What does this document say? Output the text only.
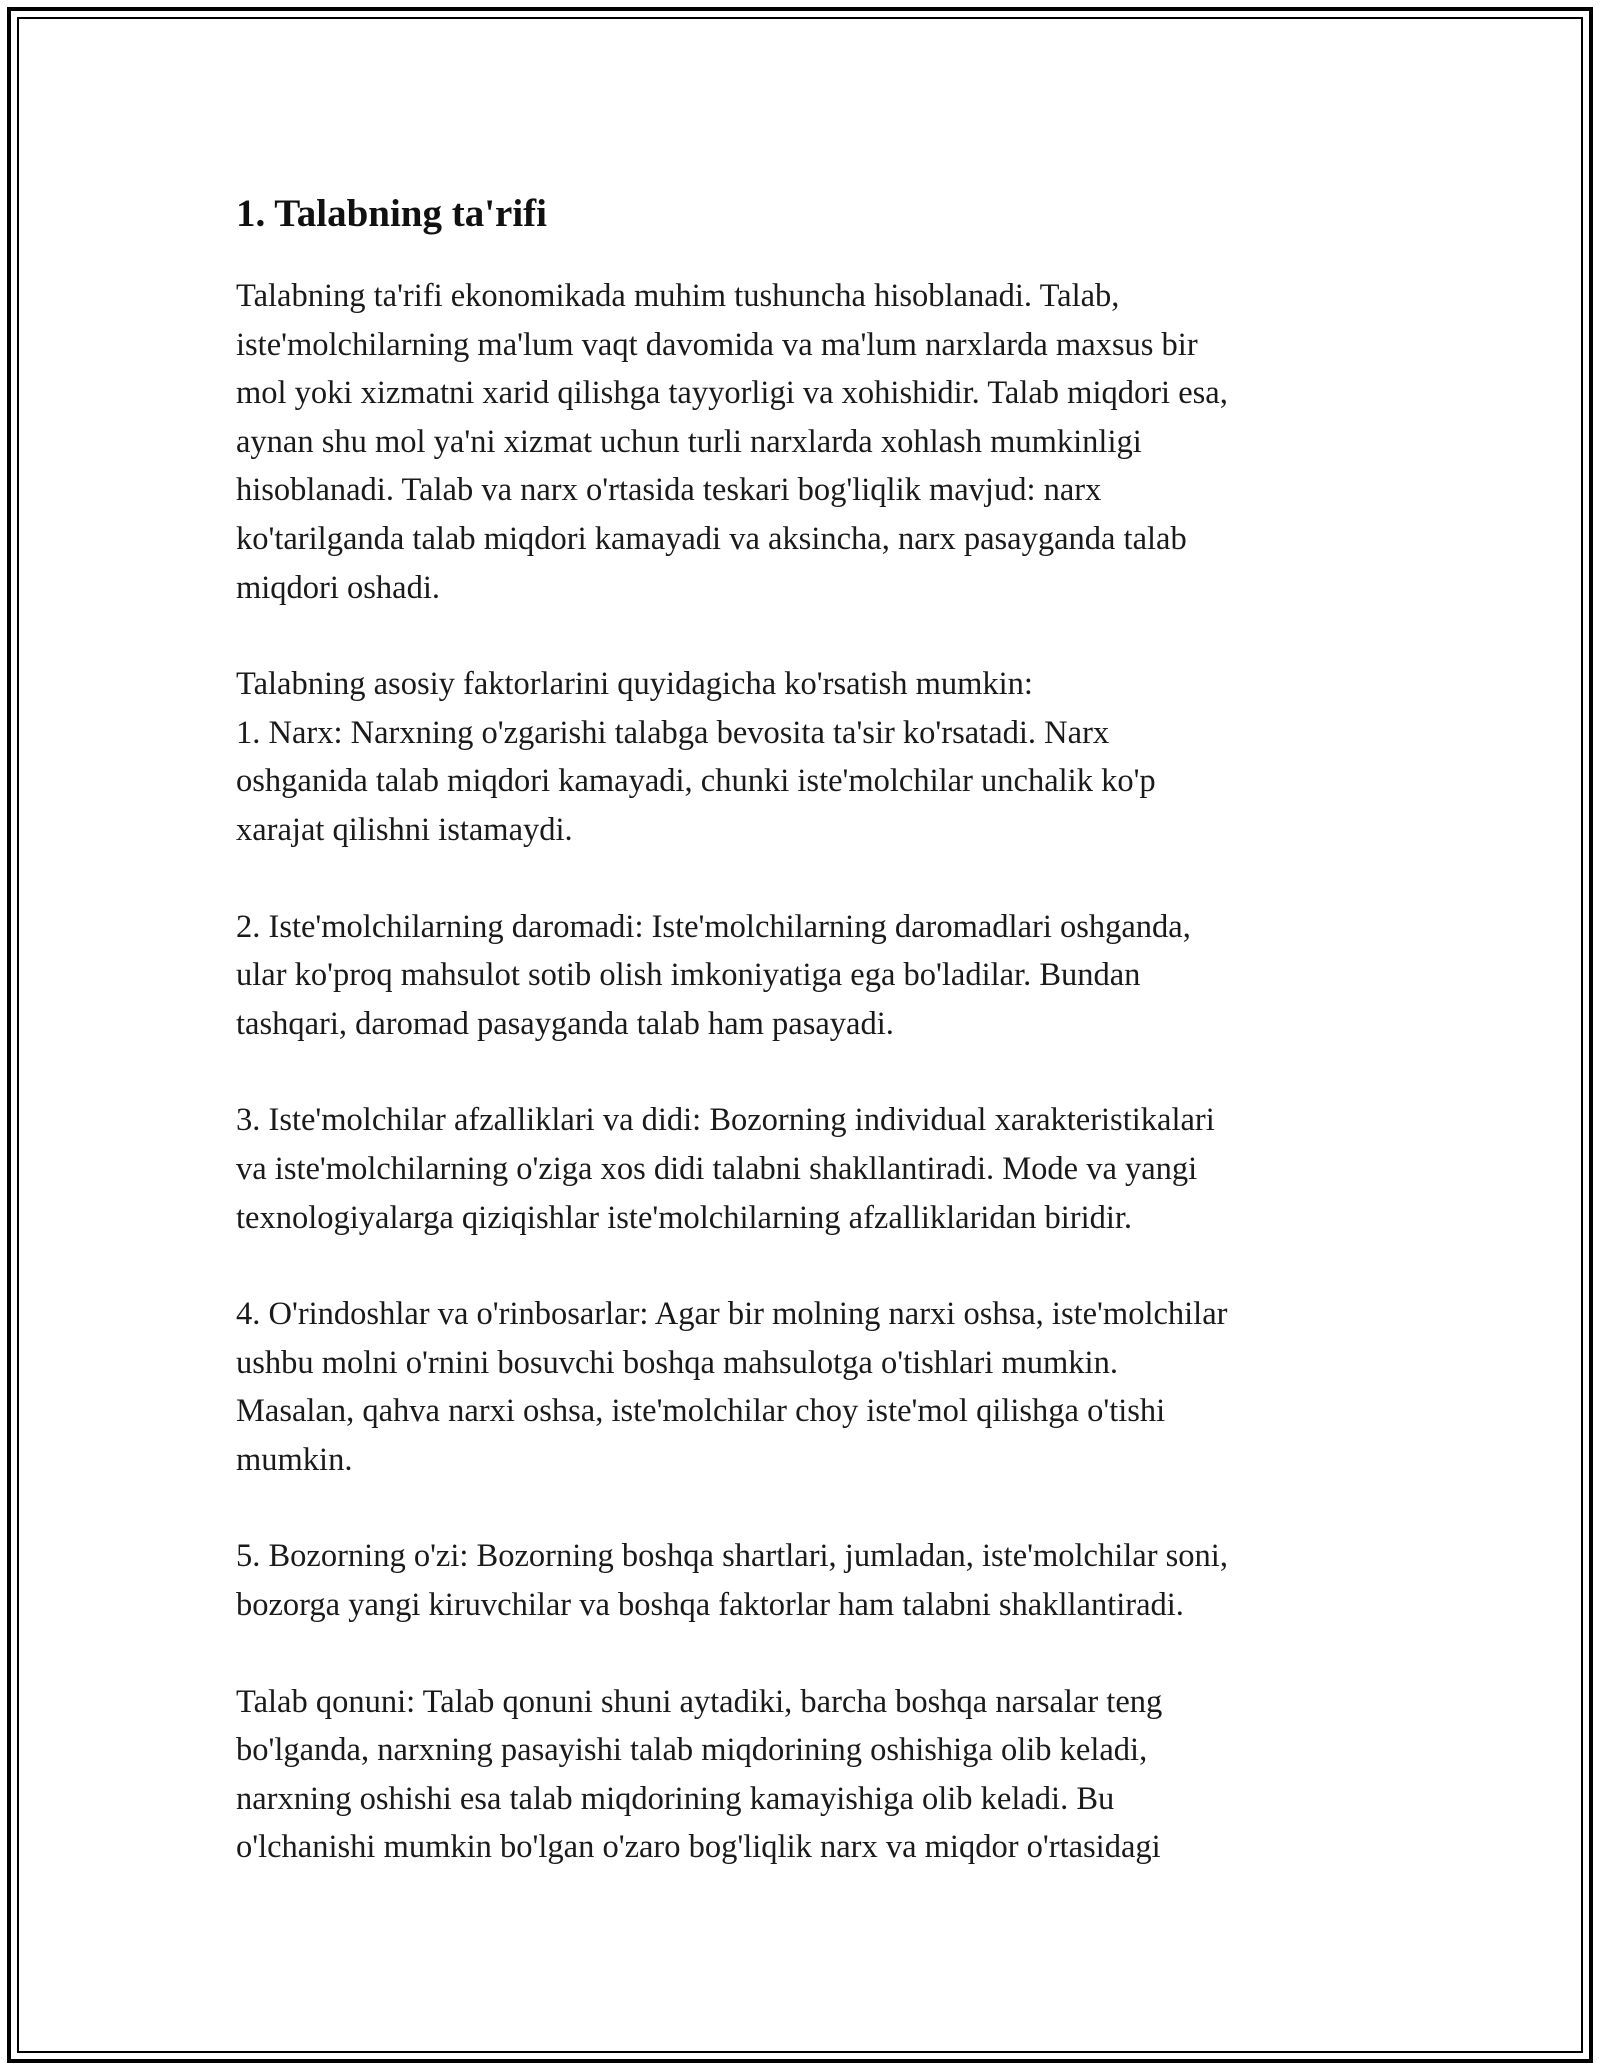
1. Talabning ta'rifi

Talabning ta'rifi ekonomikada muhim tushuncha hisoblanadi. Talab,
iste'molchilarning ma'lum vaqt davomida va ma'lum narxlarda maxsus bir
mol yoki xizmatni xarid qilishga tayyorligi va xohishidir. Talab miqdori esa,
aynan shu mol ya'ni xizmat uchun turli narxlarda xohlash mumkinligi
hisoblanadi. Talab va narx o'rtasida teskari bog'liqlik mavjud: narx
ko'tarilganda talab miqdori kamayadi va aksincha, narx pasayganda talab
miqdori oshadi.

Talabning asosiy faktorlarini quyidagicha ko'rsatish mumkin:

1. Narx: Narxning o'zgarishi talabga bevosita ta'sir ko'rsatadi. Narx
oshganida talab miqdori kamayadi, chunki iste'molchilar unchalik ko'p
xarajat qilishni istamaydi.

2. Iste'molchilarning daromadi: Iste'molchilarning daromadlari oshganda,
ular ko'proq mahsulot sotib olish imkoniyatiga ega bo'ladilar. Bundan
tashqari, daromad pasayganda talab ham pasayadi.

3. Iste'molchilar afzalliklari va didi: Bozorning individual xarakteristikalari
va iste'molchilarning o'ziga xos didi talabni shakllantiradi. Mode va yangi
texnologiyalarga qiziqishlar iste'molchilarning afzalliklaridan biridir.

4. O'rindoshlar va o'rinbosarlar: Agar bir molning narxi oshsa, iste'molchilar
ushbu molni o'rnini bosuvchi boshqa mahsulotga o'tishlari mumkin.
Masalan, qahva narxi oshsa, iste'molchilar choy iste'mol qilishga o'tishi
mumkin.

5. Bozorning o'zi: Bozorning boshqa shartlari, jumladan, iste'molchilar soni,
bozorga yangi kiruvchilar va boshqa faktorlar ham talabni shakllantiradi.

Talab qonuni: Talab qonuni shuni aytadiki, barcha boshqa narsalar teng
bo'lganda, narxning pasayishi talab miqdorining oshishiga olib keladi,
narxning oshishi esa talab miqdorining kamayishiga olib keladi. Bu
o'lchanishi mumkin bo'lgan o'zaro bog'liqlik narx va miqdor o'rtasidagi
